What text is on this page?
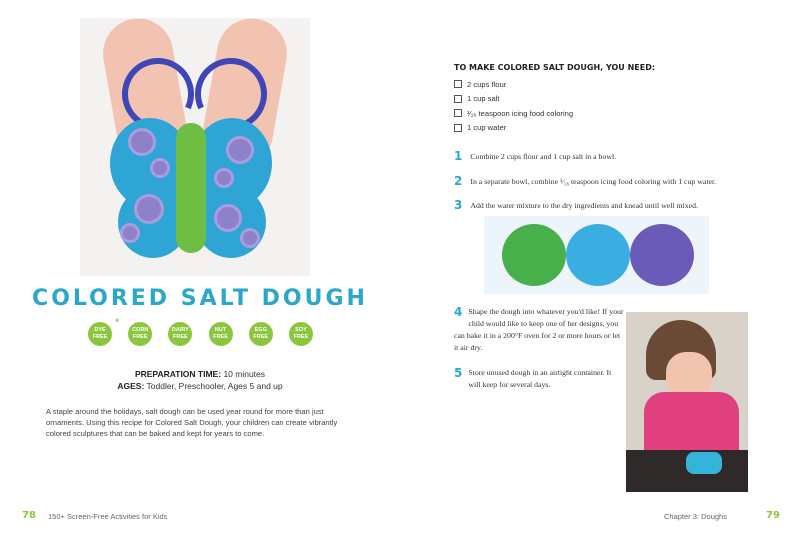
COLORED SALT DOUGH
DYE
FREE
*
CORN
FREE
DAIRY
FREE
NUT
FREE
EGG
FREE
SOY
FREE
PREPARATION TIME: 10 minutes
AGES: Toddler, Preschooler, Ages 5 and up
A staple around the holidays, salt dough can be used year round for more than just ornaments. Using this recipe for Colored Salt Dough, your children can create vibrantly colored sculptures that can be baked and kept for years to come.
78 150+ Screen-Free Activities for Kids
TO MAKE COLORED SALT DOUGH, YOU NEED:
2 cups flour
1 cup salt
¹⁄₁₆ teaspoon icing food coloring
1 cup water
1 Combine 2 cups flour and 1 cup salt in a bowl.
2 In a separate bowl, combine ¹⁄₁₆ teaspoon icing food coloring with 1 cup water.
3 Add the water mixture to the dry ingredients and knead until well mixed.
4 Shape the dough into whatever you'd like! If your child would like to keep one of her designs, you can bake it in a 200°F oven for 2 or more hours or let it air dry.
5 Store unused dough in an airtight container. It will keep for several days.
Chapter 3: Doughs	79
